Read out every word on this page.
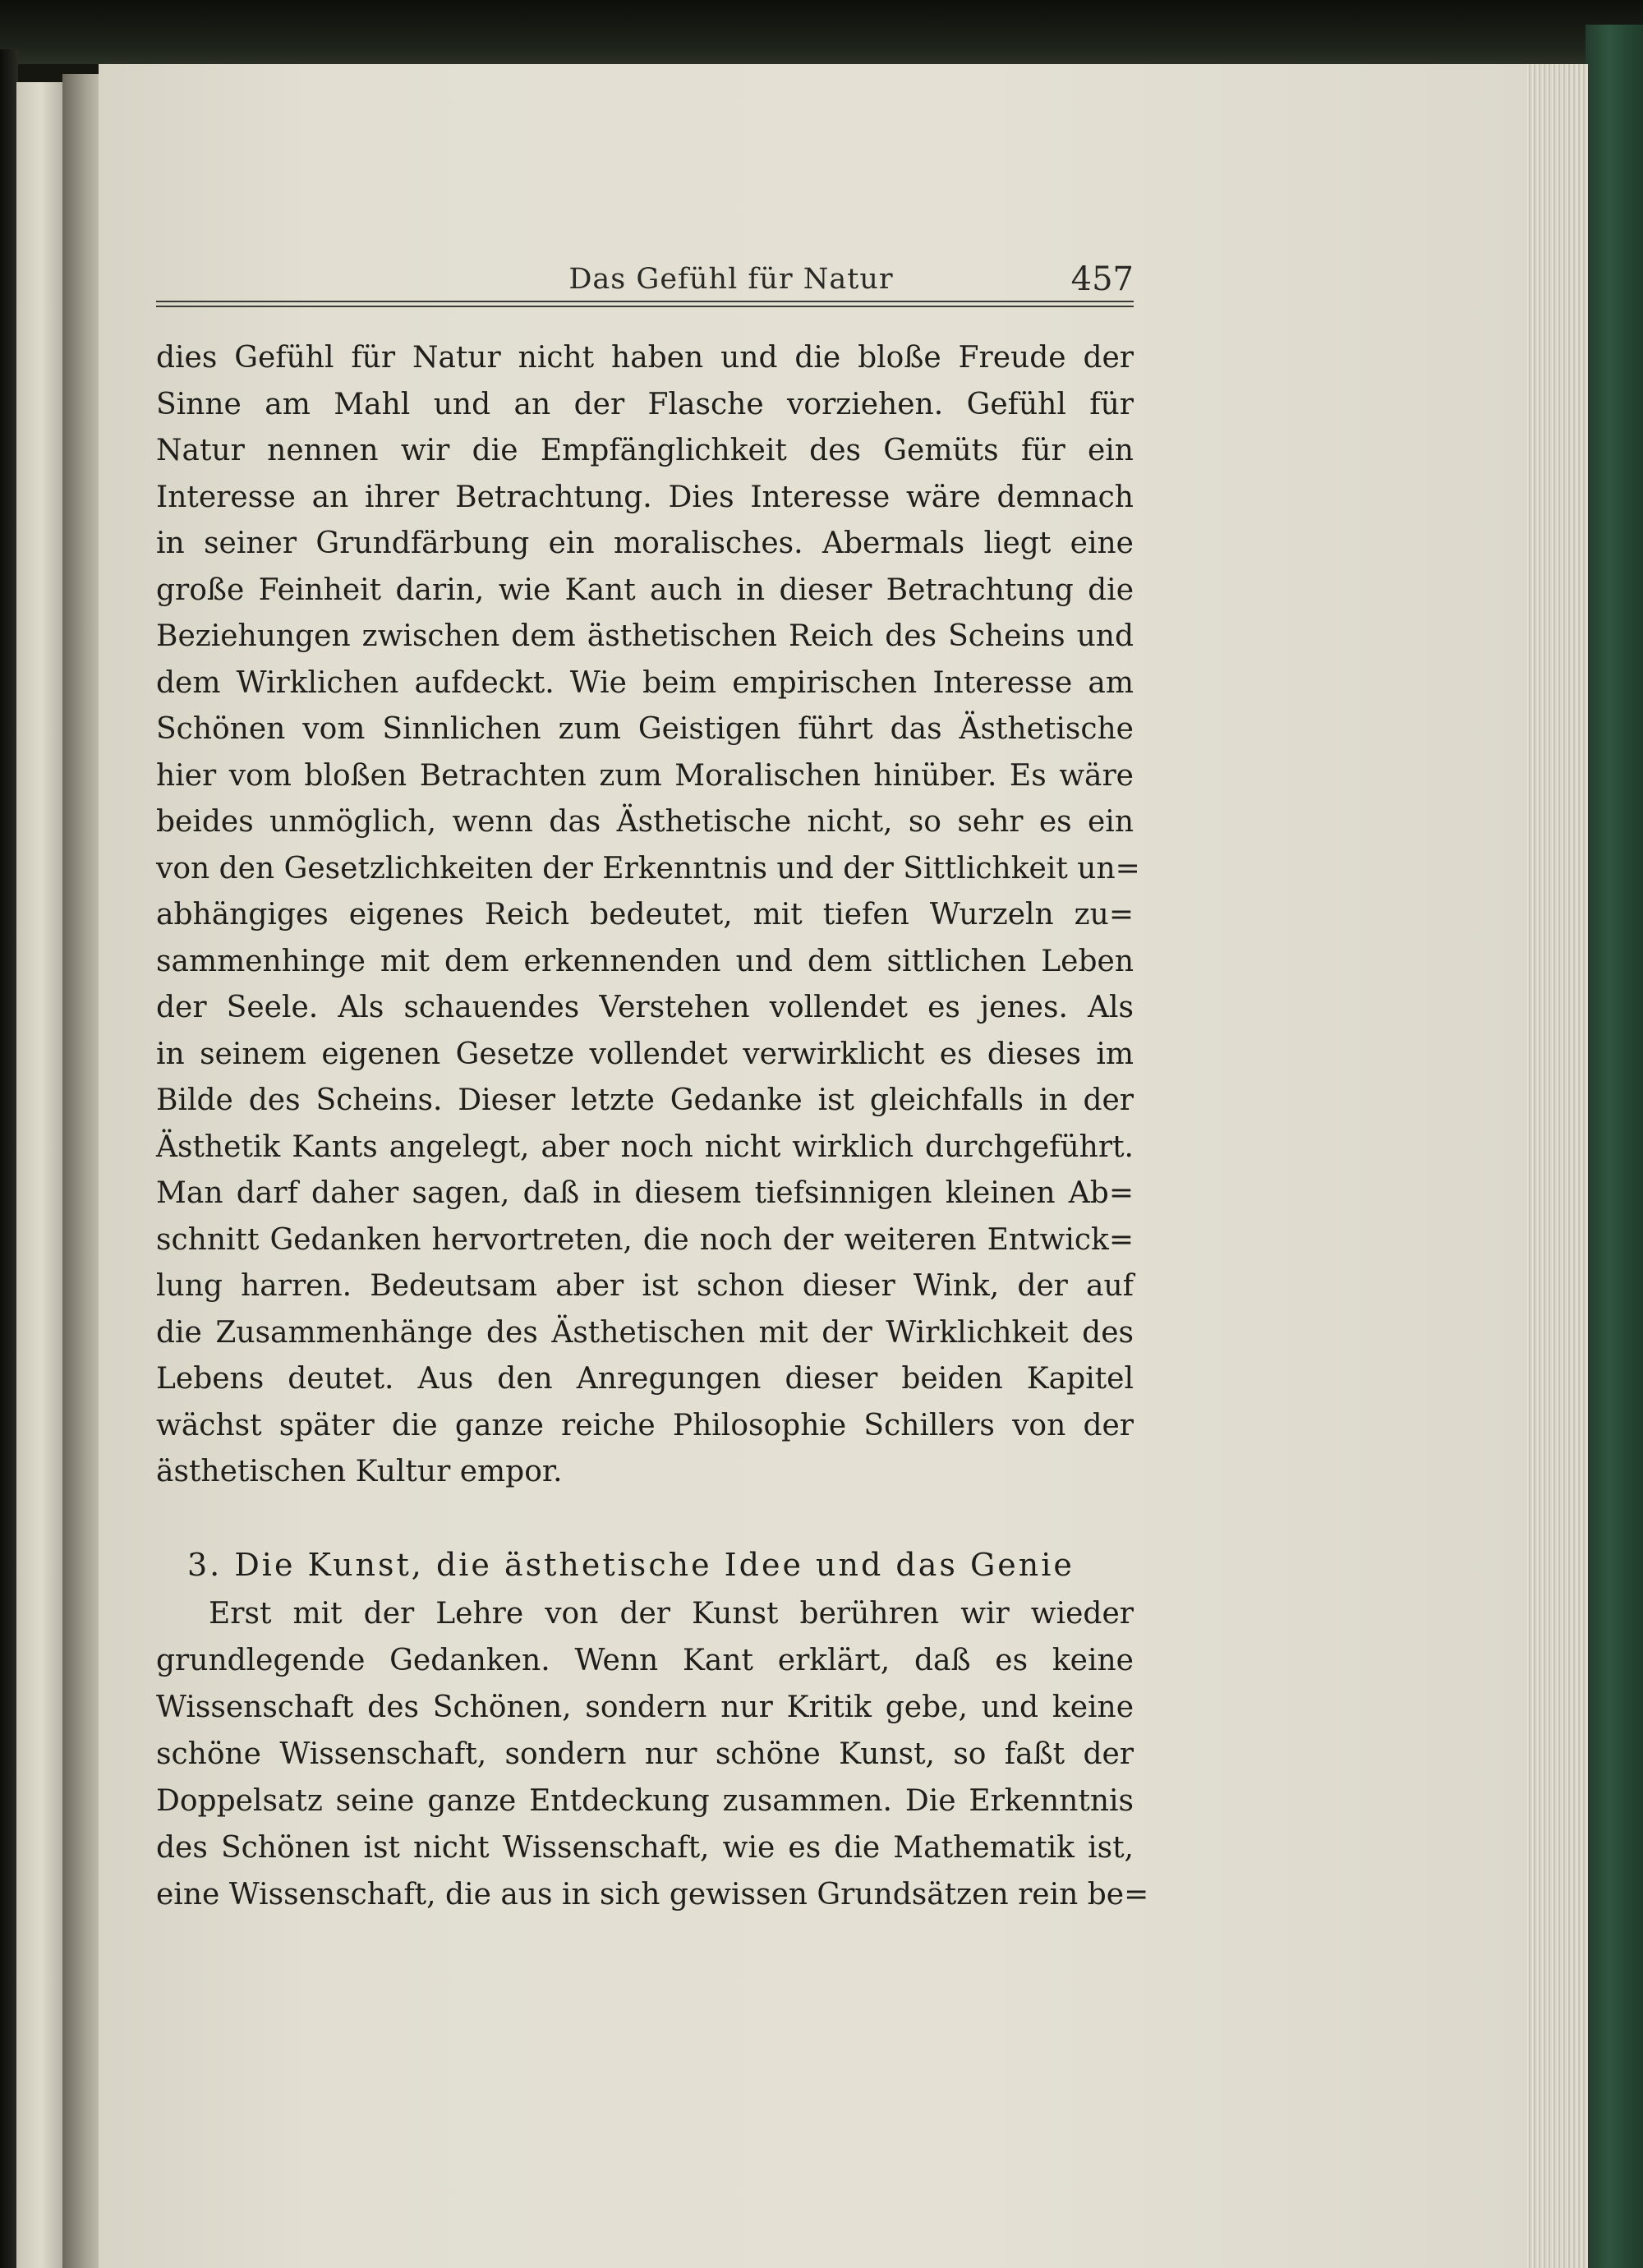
Das Gefühl für Natur	457
dies Gefühl für Natur nicht haben und die bloße Freude der
Sinne am Mahl und an der Flasche vorziehen. Gefühl für
Natur nennen wir die Empfänglichkeit des Gemüts für ein
Interesse an ihrer Betrachtung. Dies Interesse wäre demnach
in seiner Grundfärbung ein moralisches. Abermals liegt eine
große Feinheit darin, wie Kant auch in dieser Betrachtung die
Beziehungen zwischen dem ästhetischen Reich des Scheins und
dem Wirklichen aufdeckt. Wie beim empirischen Interesse am
Schönen vom Sinnlichen zum Geistigen führt das Ästhetische
hier vom bloßen Betrachten zum Moralischen hinüber. Es wäre
beides unmöglich, wenn das Ästhetische nicht, so sehr es ein
von den Gesetzlichkeiten der Erkenntnis und der Sittlichkeit un=
abhängiges eigenes Reich bedeutet, mit tiefen Wurzeln zu=
sammenhinge mit dem erkennenden und dem sittlichen Leben
der Seele. Als schauendes Verstehen vollendet es jenes. Als
in seinem eigenen Gesetze vollendet verwirklicht es dieses im
Bilde des Scheins. Dieser letzte Gedanke ist gleichfalls in der
Ästhetik Kants angelegt, aber noch nicht wirklich durchgeführt.
Man darf daher sagen, daß in diesem tiefsinnigen kleinen Ab=
schnitt Gedanken hervortreten, die noch der weiteren Entwick=
lung harren. Bedeutsam aber ist schon dieser Wink, der auf
die Zusammenhänge des Ästhetischen mit der Wirklichkeit des
Lebens deutet. Aus den Anregungen dieser beiden Kapitel
wächst später die ganze reiche Philosophie Schillers von der
ästhetischen Kultur empor.
3. Die Kunst, die ästhetische Idee und das Genie
Erst mit der Lehre von der Kunst berühren wir wieder
grundlegende Gedanken. Wenn Kant erklärt, daß es keine
Wissenschaft des Schönen, sondern nur Kritik gebe, und keine
schöne Wissenschaft, sondern nur schöne Kunst, so faßt der
Doppelsatz seine ganze Entdeckung zusammen. Die Erkenntnis
des Schönen ist nicht Wissenschaft, wie es die Mathematik ist,
eine Wissenschaft, die aus in sich gewissen Grundsätzen rein be=
